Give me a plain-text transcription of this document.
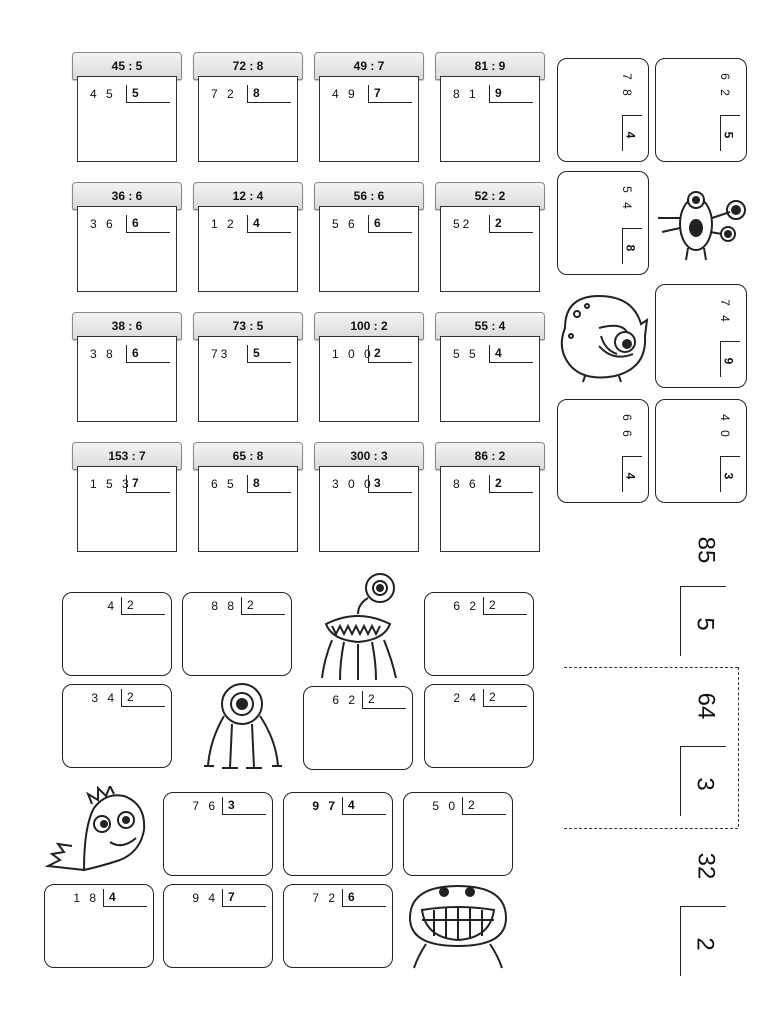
45 : 5
4 5	5
72 : 8
7 2	8
49 : 7
4 9	7
81 : 9
8 1	9
36 : 6
3 6	6
12 : 4
1 2	4
56 : 6
5 6	6
52 : 2
52	2
38 : 6
3 8	6
73 : 5
73	5
100 : 2
1 0 0 2
55 : 4
5 5	4
153 : 7
1 5 3 7
65 : 8
6 5	8
300 : 3
3 0 0 3
86 : 2
8 6	2
7 8
4
6 2
5
5 4
8
7 4
9
6 6
4
4 0
3
85
5
64
3
32
2
4 2	8 8 2	6 2 2
3 4 2	6 2 2	2 4 2
7 6 3	9 7 4	5 0 2
1 8 4	9 4 7	7 2 6
